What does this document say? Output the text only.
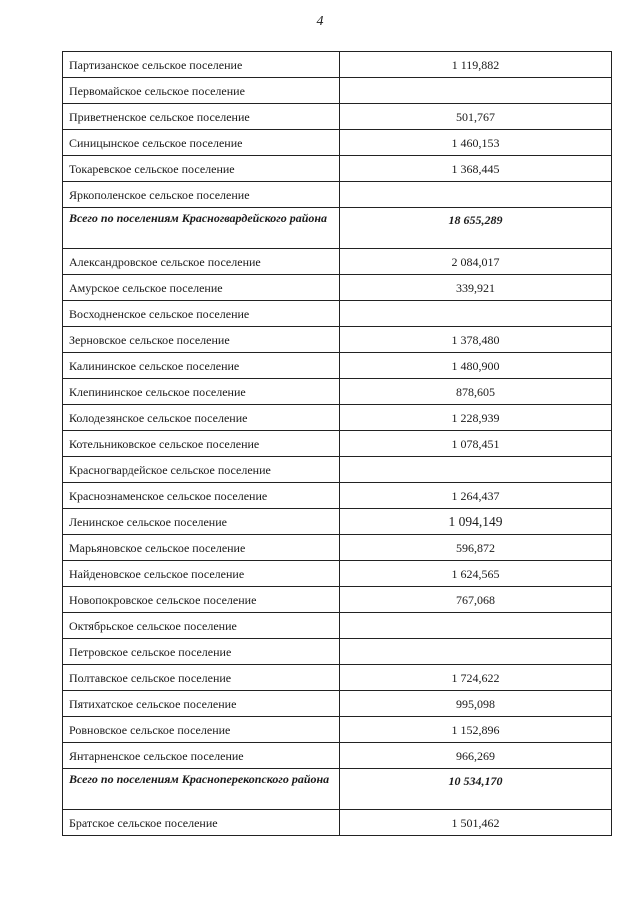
4
Партизанское сельское поселение	1 119,882
Первомайское сельское поселение	
Приветненское сельское поселение	501,767
Синицынское сельское поселение	1 460,153
Токаревское сельское поселение	1 368,445
Яркополенское сельское поселение	
Всего по поселениям Красногвардейского района	18 655,289
Александровское сельское поселение	2 084,017
Амурское сельское поселение	339,921
Восходненское сельское поселение	
Зерновское сельское поселение	1 378,480
Калининское сельское поселение	1 480,900
Клепининское сельское поселение	878,605
Колодезянское сельское поселение	1 228,939
Котельниковское сельское поселение	1 078,451
Красногвардейское сельское поселение	
Краснознаменское сельское поселение	1 264,437
Ленинское сельское поселение	1 094,149
Марьяновское сельское поселение	596,872
Найденовское сельское поселение	1 624,565
Новопокровское сельское поселение	767,068
Октябрьское сельское поселение	
Петровское сельское поселение	
Полтавское сельское поселение	1 724,622
Пятихатское сельское поселение	995,098
Ровновское сельское поселение	1 152,896
Янтарненское сельское поселение	966,269
Всего по поселениям Красноперекопского района	10 534,170
Братское сельское поселение	1 501,462
